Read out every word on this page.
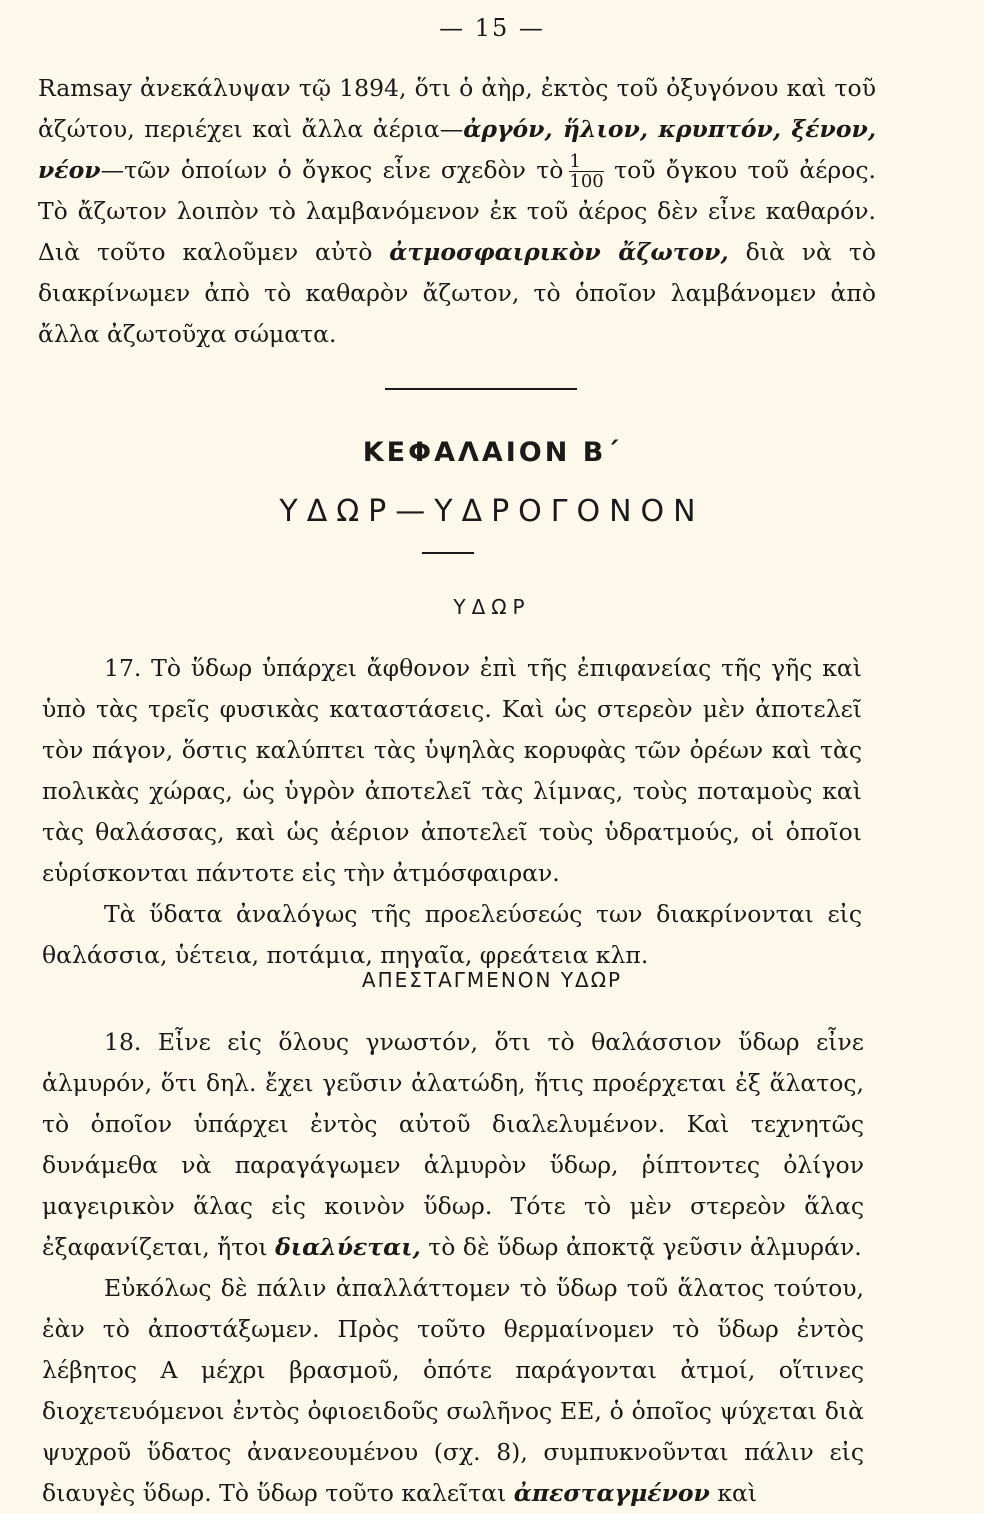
— 15 —
Ramsay ἀνεκάλυψαν τῷ 1894, ὅτι ὁ ἀὴρ, ἐκτὸς τοῦ ὀξυγόνου καὶ τοῦ ἀζώτου, περιέχει καὶ ἄλλα ἀέρια—ἀργόν, ἥλιον, κρυπτόν, ξένον, νέον—τῶν ὁποίων ὁ ὄγκος εἶνε σχεδὸν τὸ $\frac{1}{100}$ τοῦ ὄγκου τοῦ ἀέρος. Τὸ ἄζωτον λοιπὸν τὸ λαμβανόμενον ἐκ τοῦ ἀέρος δὲν εἶνε καθαρόν. Διὰ τοῦτο καλοῦμεν αὐτὸ ἀτμοσφαιρικὸν ἄζωτον, διὰ νὰ τὸ διακρίνωμεν ἀπὸ τὸ καθαρὸν ἄζωτον, τὸ ὁποῖον λαμβάνομεν ἀπὸ ἄλλα ἀζωτοῦχα σώματα.
ΚΕΦΑΛΑΙΟΝ Β΄
ΥΔΩΡ—ΥΔΡΟΓΟΝΟΝ
ΥΔΩΡ
17. Τὸ ὕδωρ ὑπάρχει ἄφθονον ἐπὶ τῆς ἐπιφανείας τῆς γῆς καὶ ὑπὸ τὰς τρεῖς φυσικὰς καταστάσεις. Καὶ ὡς στερεὸν μὲν ἀποτελεῖ τὸν πάγον, ὅστις καλύπτει τὰς ὑψηλὰς κορυφὰς τῶν ὀρέων καὶ τὰς πολικὰς χώρας, ὡς ὑγρὸν ἀποτελεῖ τὰς λίμνας, τοὺς ποταμοὺς καὶ τὰς θαλάσσας, καὶ ὡς ἀέριον ἀποτελεῖ τοὺς ὑδρατμούς, οἱ ὁποῖοι εὑρίσκονται πάντοτε εἰς τὴν ἀτμόσφαιραν.
Τὰ ὕδατα ἀναλόγως τῆς προελεύσεώς των διακρίνονται εἰς θαλάσσια, ὑέτεια, ποτάμια, πηγαῖα, φρεάτεια κλπ.
ΑΠΕΣΤΑΓΜΕΝΟΝ ΥΔΩΡ
18. Εἶνε εἰς ὅλους γνωστόν, ὅτι τὸ θαλάσσιον ὕδωρ εἶνε ἁλμυρόν, ὅτι δηλ. ἔχει γεῦσιν ἁλατώδη, ἥτις προέρχεται ἐξ ἅλατος, τὸ ὁποῖον ὑπάρχει ἐντὸς αὐτοῦ διαλελυμένον. Καὶ τεχνητῶς δυνάμεθα νὰ παραγάγωμεν ἁλμυρὸν ὕδωρ, ῥίπτοντες ὀλίγον μαγειρικὸν ἅλας εἰς κοινὸν ὕδωρ. Τότε τὸ μὲν στερεὸν ἅλας ἐξαφανίζεται, ἤτοι διαλύεται, τὸ δὲ ὕδωρ ἀποκτᾷ γεῦσιν ἁλμυράν.
Εὐκόλως δὲ πάλιν ἀπαλλάττομεν τὸ ὕδωρ τοῦ ἅλατος τούτου, ἐὰν τὸ ἀποστάξωμεν. Πρὸς τοῦτο θερμαίνομεν τὸ ὕδωρ ἐντὸς λέβητος Α μέχρι βρασμοῦ, ὁπότε παράγονται ἀτμοί, οἵτινες διοχετευόμενοι ἐντὸς ὀφιοειδοῦς σωλῆνος ΕΕ, ὁ ὁποῖος ψύχεται διὰ ψυχροῦ ὕδατος ἀνανεουμένου (σχ. 8), συμπυκνοῦνται πάλιν εἰς διαυγὲς ὕδωρ. Τὸ ὕδωρ τοῦτο καλεῖται ἀπεσταγμένον καὶ
